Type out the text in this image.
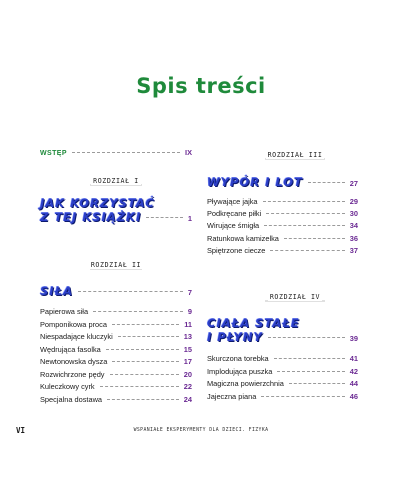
Spis treści
WSTĘP	IX
ROZDZIAŁ I
JAK KORZYSTAĆ
Z TEJ KSIĄŻKI	1
ROZDZIAŁ II
SIŁA	7
Papierowa siła	9
Pomponikowa proca	11
Niespadające kluczyki	13
Wędrująca fasolka	15
Newtonowska dysza	17
Rozwichrzone pędy	20
Kuleczkowy cyrk	22
Specjalna dostawa	24
ROZDZIAŁ III
WYPÓR I LOT	27
Pływające jajka	29
Podkręcane piłki	30
Wirujące śmigła	34
Ratunkowa kamizelka	36
Spiętrzone ciecze	37
ROZDZIAŁ IV
CIAŁA STAŁE
I PŁYNY	39
Skurczona torebka	41
Implodująca puszka	42
Magiczna powierzchnia	44
Jajeczna piana	46
VI	WSPANIAŁE EKSPERYMENTY DLA DZIECI. FIZYKA
